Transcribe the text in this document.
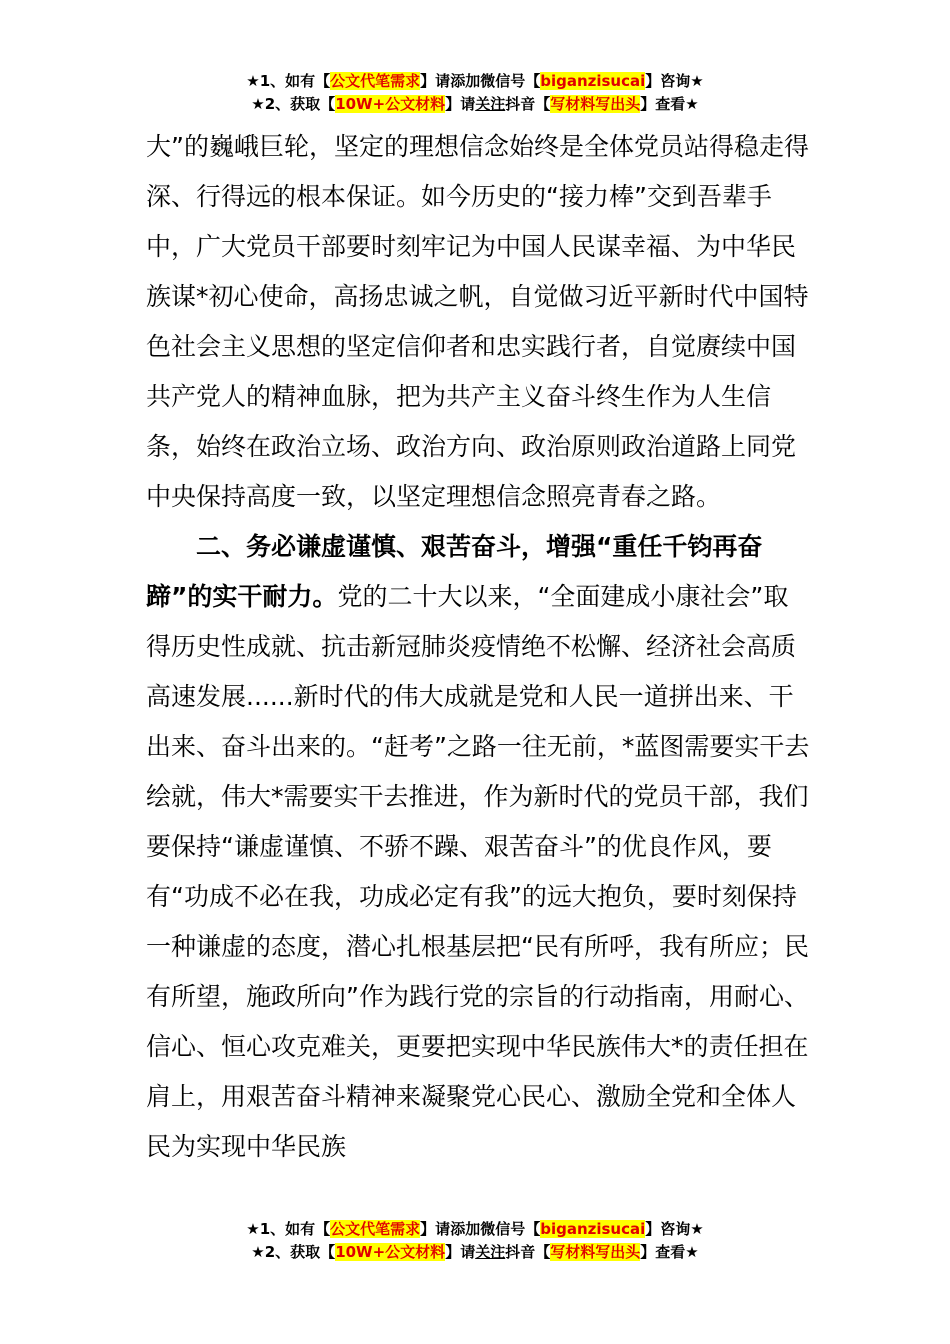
★1、如有【公文代笔需求】请添加微信号【biganzisucai】咨询★
★2、获取【10W+公文材料】请关注抖音【写材料写出头】查看★

大”的巍峨巨轮，坚定的理想信念始终是全体党员站得稳走得深、行得远的根本保证。如今历史的“接力棒”交到吾辈手中，广大党员干部要时刻牢记为中国人民谋幸福、为中华民族谋*初心使命，高扬忠诚之帆，自觉做习近平新时代中国特色社会主义思想的坚定信仰者和忠实践行者，自觉赓续中国共产党人的精神血脉，把为共产主义奋斗终生作为人生信条，始终在政治立场、政治方向、政治原则政治道路上同党中央保持高度一致，以坚定理想信念照亮青春之路。

二、务必谦虚谨慎、艰苦奋斗，增强“重任千钧再奋蹄”的实干耐力。党的二十大以来，“全面建成小康社会”取得历史性成就、抗击新冠肺炎疫情绝不松懈、经济社会高质高速发展......新时代的伟大成就是党和人民一道拼出来、干出来、奋斗出来的。“赶考”之路一往无前，*蓝图需要实干去绘就，伟大*需要实干去推进，作为新时代的党员干部，我们要保持“谦虚谨慎、不骄不躁、艰苦奋斗”的优良作风，要有“功成不必在我，功成必定有我”的远大抱负，要时刻保持一种谦虚的态度，潜心扎根基层把“民有所呼，我有所应；民有所望，施政所向”作为践行党的宗旨的行动指南，用耐心、信心、恒心攻克难关，更要把实现中华民族伟大*的责任担在肩上，用艰苦奋斗精神来凝聚党心民心、激励全党和全体人民为实现中华民族

★1、如有【公文代笔需求】请添加微信号【biganzisucai】咨询★
★2、获取【10W+公文材料】请关注抖音【写材料写出头】查看★
